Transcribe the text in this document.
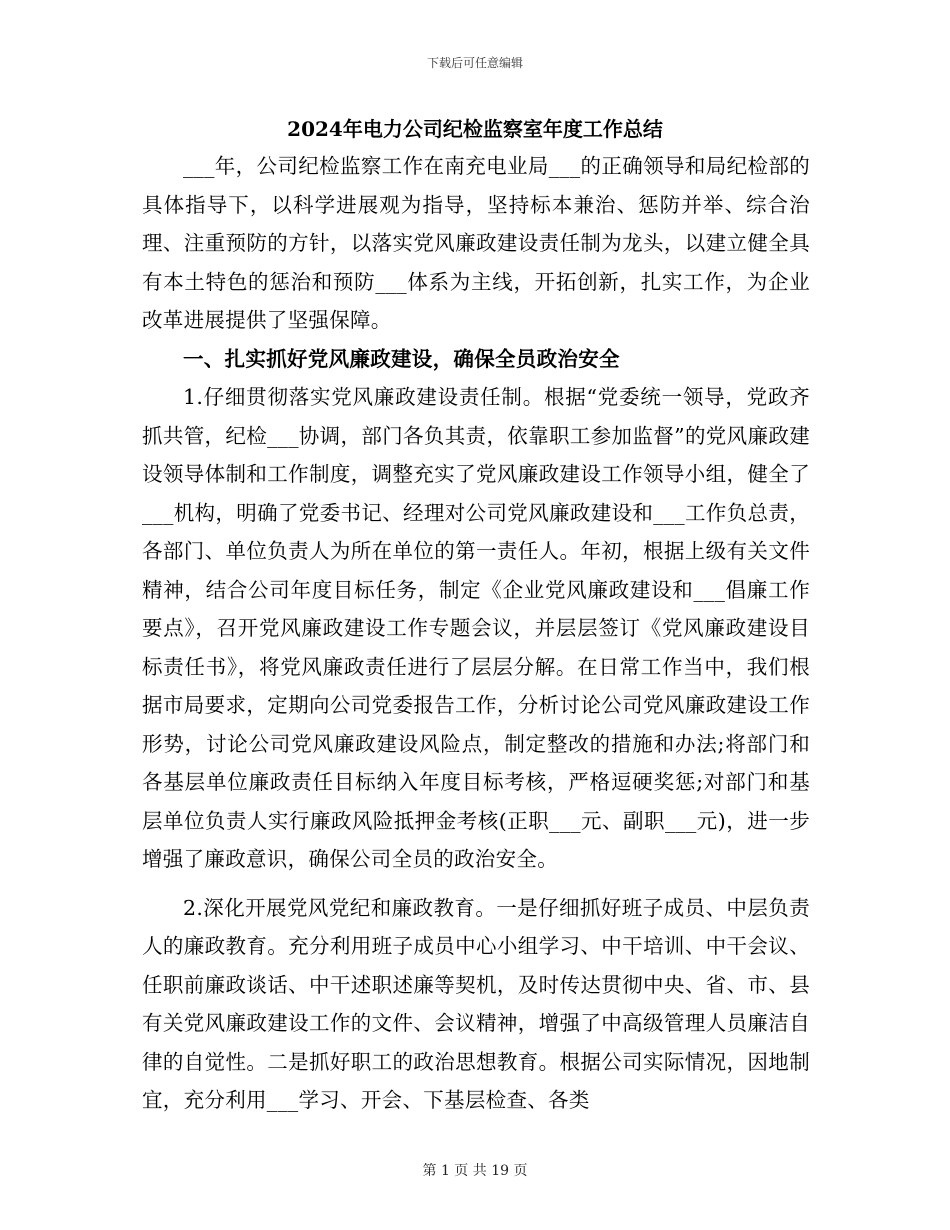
下载后可任意编辑
2024年电力公司纪检监察室年度工作总结

___年，公司纪检监察工作在南充电业局___的正确领导和局纪检部的具体指导下，以科学进展观为指导，坚持标本兼治、惩防并举、综合治理、注重预防的方针，以落实党风廉政建设责任制为龙头，以建立健全具有本土特色的惩治和预防___体系为主线，开拓创新，扎实工作，为企业改革进展提供了坚强保障。

一、扎实抓好党风廉政建设，确保全员政治安全

1.仔细贯彻落实党风廉政建设责任制。根据“党委统一领导，党政齐抓共管，纪检___协调，部门各负其责，依靠职工参加监督”的党风廉政建设领导体制和工作制度，调整充实了党风廉政建设工作领导小组，健全了___机构，明确了党委书记、经理对公司党风廉政建设和___工作负总责，各部门、单位负责人为所在单位的第一责任人。年初，根据上级有关文件精神，结合公司年度目标任务，制定《企业党风廉政建设和___倡廉工作要点》，召开党风廉政建设工作专题会议，并层层签订《党风廉政建设目标责任书》，将党风廉政责任进行了层层分解。在日常工作当中，我们根据市局要求，定期向公司党委报告工作，分析讨论公司党风廉政建设工作形势，讨论公司党风廉政建设风险点，制定整改的措施和办法;将部门和各基层单位廉政责任目标纳入年度目标考核，严格逗硬奖惩;对部门和基层单位负责人实行廉政风险抵押金考核(正职___元、副职___元)，进一步增强了廉政意识，确保公司全员的政治安全。

2.深化开展党风党纪和廉政教育。一是仔细抓好班子成员、中层负责人的廉政教育。充分利用班子成员中心小组学习、中干培训、中干会议、任职前廉政谈话、中干述职述廉等契机，及时传达贯彻中央、省、市、县有关党风廉政建设工作的文件、会议精神，增强了中高级管理人员廉洁自律的自觉性。二是抓好职工的政治思想教育。根据公司实际情况，因地制宜，充分利用___学习、开会、下基层检查、各类

第 1 页 共 19 页
